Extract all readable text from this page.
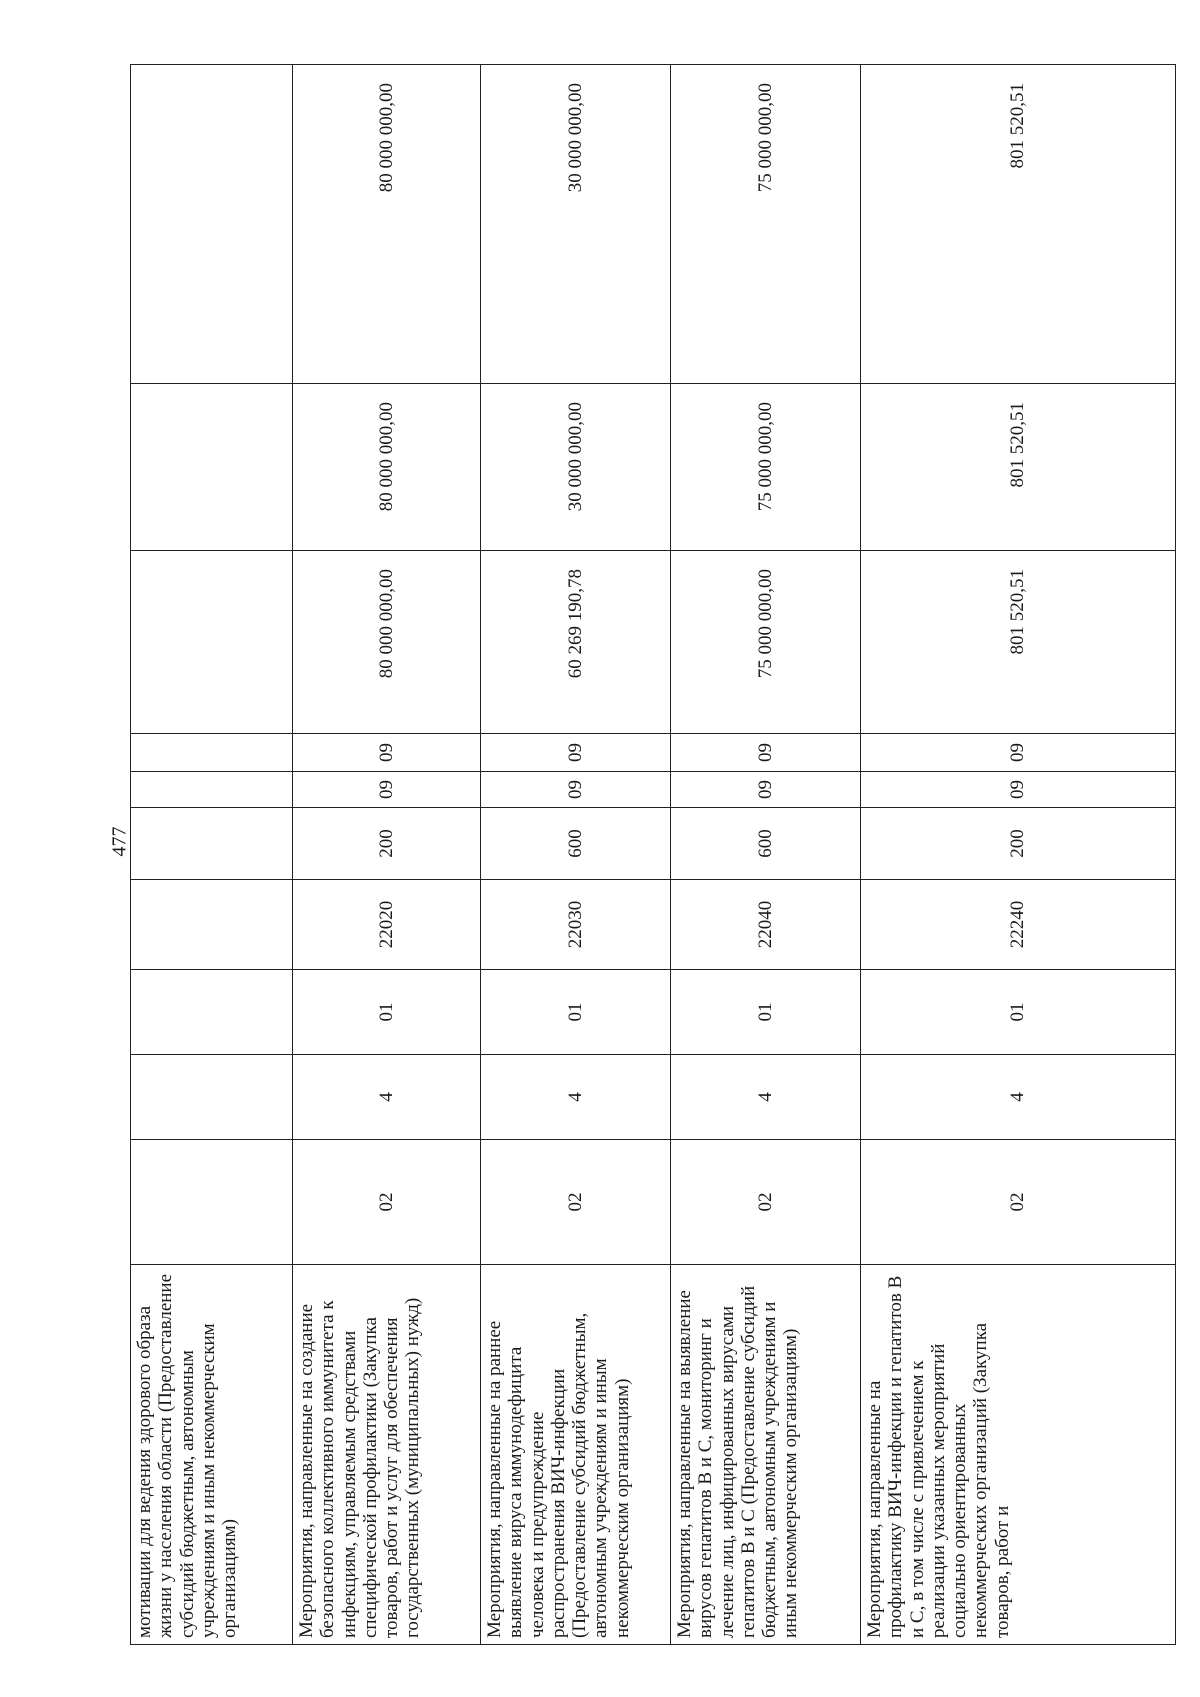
477
мотивации для ведения здорового образа жизни у населения области (Предоставление субсидий бюджетным, автономным учреждениям и иным некоммерческим организациям)										
Мероприятия, направленные на создание безопасного коллективного иммунитета к инфекциям, управляемым средствами специфической профилактики (Закупка товаров, работ и услуг для обеспечения государственных (муниципальных) нужд)	02	4	01	22020	200	09	09	80 000 000,00	80 000 000,00	80 000 000,00
Мероприятия, направленные на раннее выявление вируса иммунодефицита человека и предупреждение распространения ВИЧ-инфекции (Предоставление субсидий бюджетным, автономным учреждениям и иным некоммерческим организациям)	02	4	01	22030	600	09	09	60 269 190,78	30 000 000,00	30 000 000,00
Мероприятия, направленные на выявление вирусов гепатитов В и С, мониторинг и лечение лиц, инфицированных вирусами гепатитов В и С (Предоставление субсидий бюджетным, автономным учреждениям и иным некоммерческим организациям)	02	4	01	22040	600	09	09	75 000 000,00	75 000 000,00	75 000 000,00
Мероприятия, направленные на профилактику ВИЧ-инфекции и гепатитов В и С, в том числе с привлечением к реализации указанных мероприятий социально ориентированных некоммерческих организаций (Закупка товаров, работ и	02	4	01	22240	200	09	09	801 520,51	801 520,51	801 520,51
